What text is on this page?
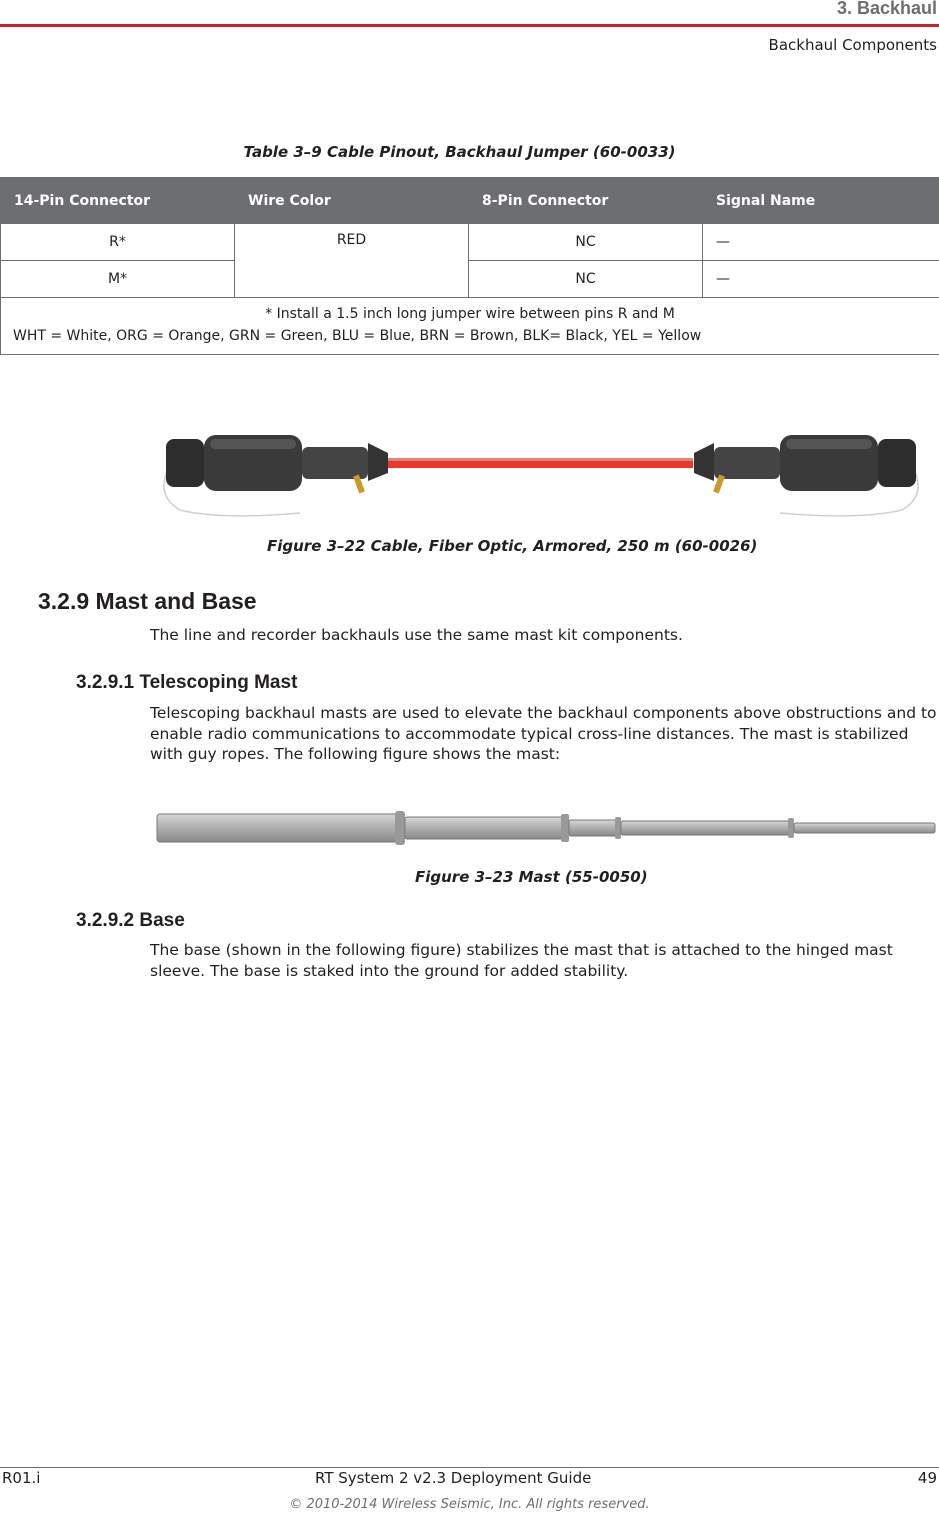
3. Backhaul
Backhaul Components
Table 3–9 Cable Pinout, Backhaul Jumper (60-0033)
14-Pin Connector	Wire Color	8-Pin Connector	Signal Name
R*	RED	NC	—
M*		NC	—

* Install a 1.5 inch long jumper wire between pins R and M
WHT = White, ORG = Orange, GRN = Green, BLU = Blue, BRN = Brown, BLK= Black, YEL = Yellow			
Figure 3–22 Cable, Fiber Optic, Armored, 250 m (60-0026)
3.2.9 Mast and Base

The line and recorder backhauls use the same mast kit components.

3.2.9.1 Telescoping Mast

Telescoping backhaul masts are used to elevate the backhaul components above obstructions and to enable radio communications to accommodate typical cross-line distances. The mast is stabilized with guy ropes. The following figure shows the mast:

Figure 3–23 Mast (55-0050)
3.2.9.2 Base

The base (shown in the following figure) stabilizes the mast that is attached to the hinged mast sleeve. The base is staked into the ground for added stability.

R01.i	RT System 2 v2.3 Deployment Guide	49
© 2010-2014 Wireless Seismic, Inc. All rights reserved.
